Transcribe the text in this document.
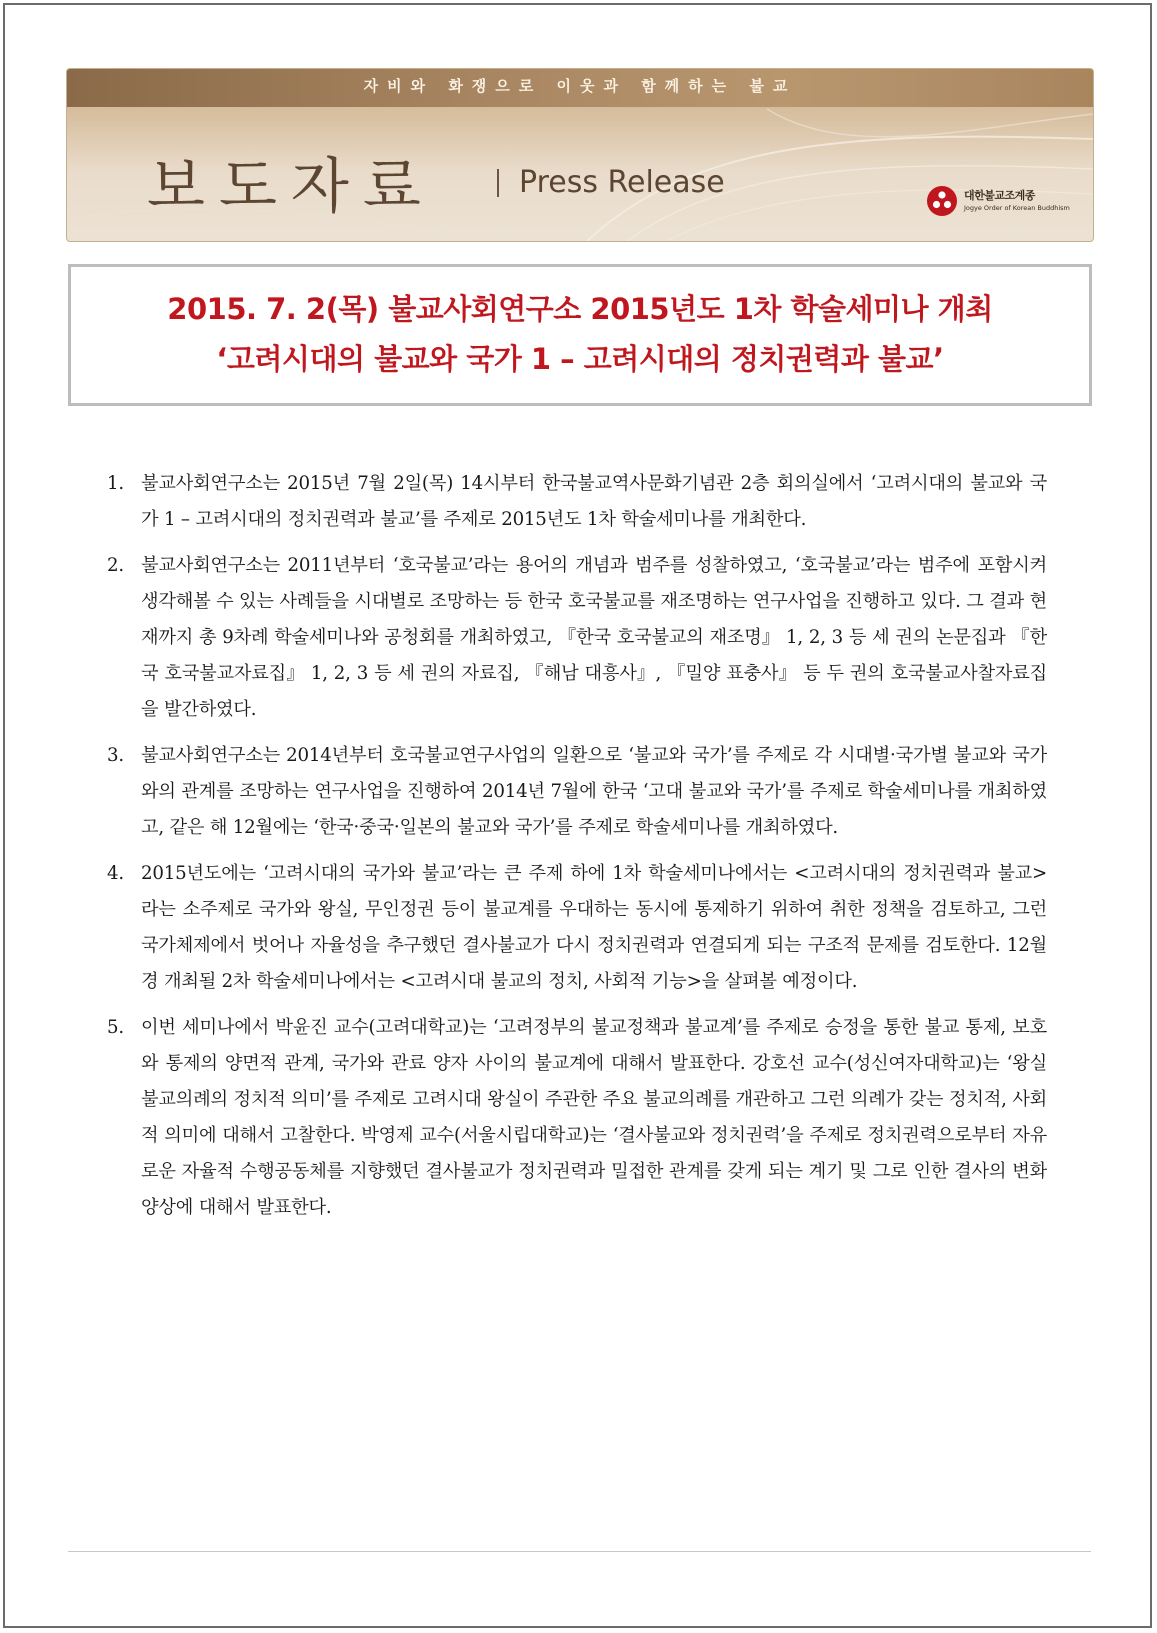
자비와 화쟁으로 이웃과 함께하는 불교
보도자료	Press Release	대한불교조계종
Jogye Order of Korean Buddhism
2015. 7. 2(목) 불교사회연구소 2015년도 1차 학술세미나 개최
‘고려시대의 불교와 국가 1 – 고려시대의 정치권력과 불교’
1. 불교사회연구소는 2015년 7월 2일(목) 14시부터 한국불교역사문화기념관 2층 회의실에서 ‘고려시대의 불교와 국가 1 – 고려시대의 정치권력과 불교’를 주제로 2015년도 1차 학술세미나를 개최한다.
2. 불교사회연구소는 2011년부터 ‘호국불교’라는 용어의 개념과 범주를 성찰하였고, ‘호국불교’라는 범주에 포함시켜 생각해볼 수 있는 사례들을 시대별로 조망하는 등 한국 호국불교를 재조명하는 연구사업을 진행하고 있다. 그 결과 현재까지 총 9차례 학술세미나와 공청회를 개최하였고, 『한국 호국불교의 재조명』 1, 2, 3 등 세 권의 논문집과 『한국 호국불교자료집』 1, 2, 3 등 세 권의 자료집, 『해남 대흥사』, 『밀양 표충사』 등 두 권의 호국불교사찰자료집을 발간하였다.
3. 불교사회연구소는 2014년부터 호국불교연구사업의 일환으로 ‘불교와 국가’를 주제로 각 시대별·국가별 불교와 국가와의 관계를 조망하는 연구사업을 진행하여 2014년 7월에 한국 ‘고대 불교와 국가’를 주제로 학술세미나를 개최하였고, 같은 해 12월에는 ‘한국·중국·일본의 불교와 국가’를 주제로 학술세미나를 개최하였다.
4. 2015년도에는 ‘고려시대의 국가와 불교’라는 큰 주제 하에 1차 학술세미나에서는 <고려시대의 정치권력과 불교>라는 소주제로 국가와 왕실, 무인정권 등이 불교계를 우대하는 동시에 통제하기 위하여 취한 정책을 검토하고, 그런 국가체제에서 벗어나 자율성을 추구했던 결사불교가 다시 정치권력과 연결되게 되는 구조적 문제를 검토한다. 12월 경 개최될 2차 학술세미나에서는 <고려시대 불교의 정치, 사회적 기능>을 살펴볼 예정이다.
5. 이번 세미나에서 박윤진 교수(고려대학교)는 ‘고려정부의 불교정책과 불교계’를 주제로 승정을 통한 불교 통제, 보호와 통제의 양면적 관계, 국가와 관료 양자 사이의 불교계에 대해서 발표한다. 강호선 교수(성신여자대학교)는 ‘왕실 불교의례의 정치적 의미’를 주제로 고려시대 왕실이 주관한 주요 불교의례를 개관하고 그런 의례가 갖는 정치적, 사회적 의미에 대해서 고찰한다. 박영제 교수(서울시립대학교)는 ‘결사불교와 정치권력’을 주제로 정치권력으로부터 자유로운 자율적 수행공동체를 지향했던 결사불교가 정치권력과 밀접한 관계를 갖게 되는 계기 및 그로 인한 결사의 변화양상에 대해서 발표한다.
